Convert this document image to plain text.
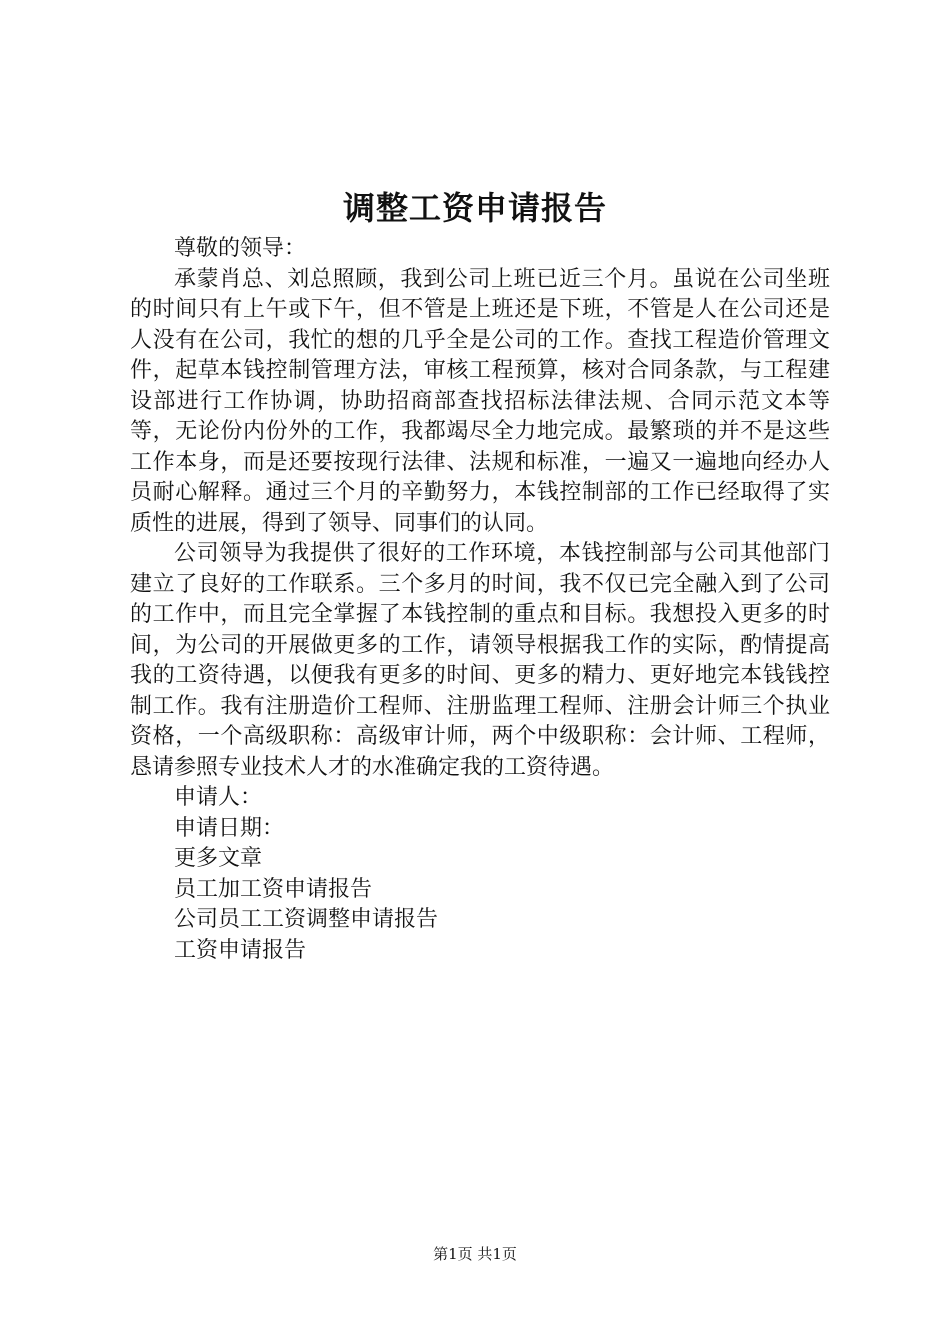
调整工资申请报告
尊敬的领导：

承蒙肖总、刘总照顾，我到公司上班已近三个月。虽说在公司坐班的时间只有上午或下午，但不管是上班还是下班，不管是人在公司还是人没有在公司，我忙的想的几乎全是公司的工作。查找工程造价管理文件，起草本钱控制管理方法，审核工程预算，核对合同条款，与工程建设部进行工作协调，协助招商部查找招标法律法规、合同示范文本等等，无论份内份外的工作，我都竭尽全力地完成。最繁琐的并不是这些工作本身，而是还要按现行法律、法规和标准，一遍又一遍地向经办人员耐心解释。通过三个月的辛勤努力，本钱控制部的工作已经取得了实质性的进展，得到了领导、同事们的认同。

公司领导为我提供了很好的工作环境，本钱控制部与公司其他部门建立了良好的工作联系。三个多月的时间，我不仅已完全融入到了公司的工作中，而且完全掌握了本钱控制的重点和目标。我想投入更多的时间，为公司的开展做更多的工作，请领导根据我工作的实际，酌情提高我的工资待遇，以便我有更多的时间、更多的精力、更好地完本钱钱控制工作。我有注册造价工程师、注册监理工程师、注册会计师三个执业资格，一个高级职称：高级审计师，两个中级职称：会计师、工程师，恳请参照专业技术人才的水准确定我的工资待遇。

申请人：
申请日期：
更多文章
员工加工资申请报告
公司员工工资调整申请报告
工资申请报告
第1页 共1页
